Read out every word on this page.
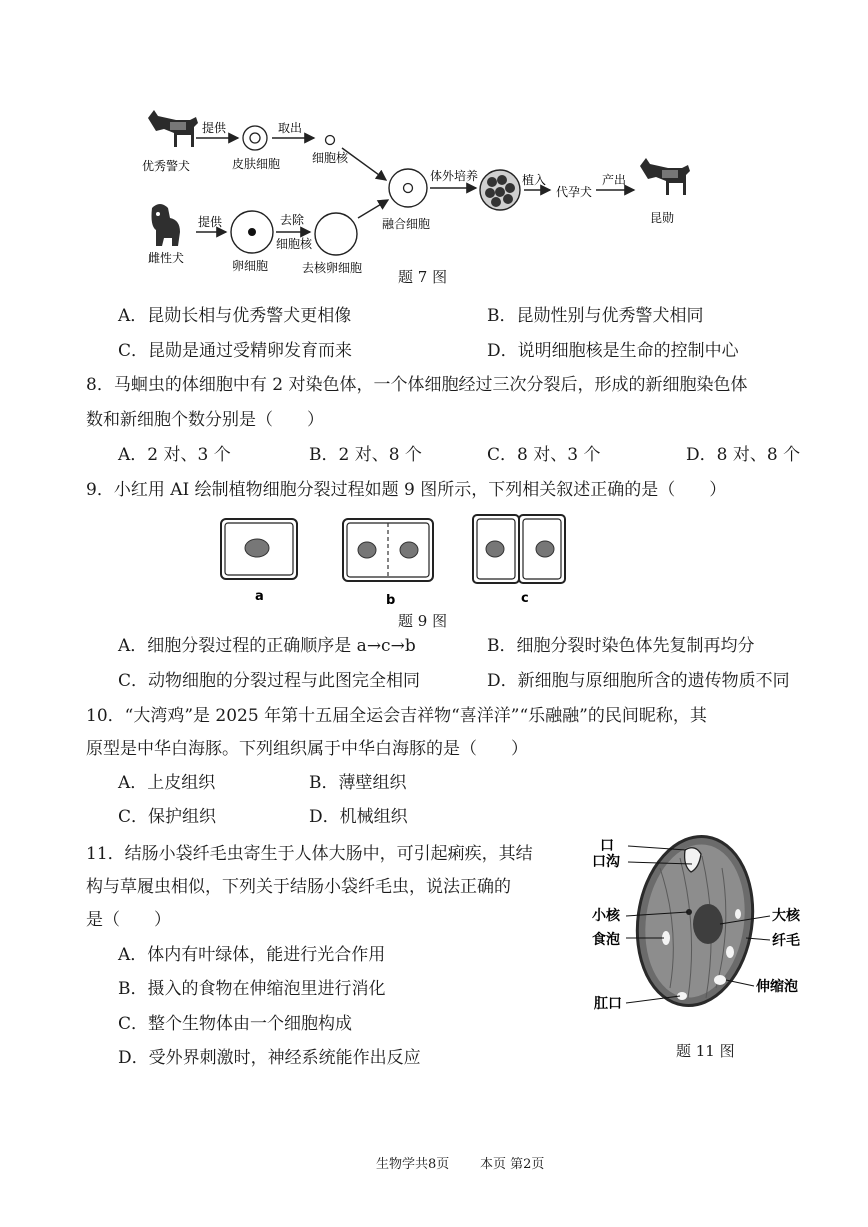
优秀警犬
提供
皮肤细胞
取出
细胞核
雌性犬
提供
卵细胞
去除
细胞核
去核卵细胞
融合细胞
体外培养	植入
代孕犬
产出
昆勋
题 7 图
A．昆勋长相与优秀警犬更相像	B．昆勋性别与优秀警犬相同
C．昆勋是通过受精卵发育而来	D．说明细胞核是生命的控制中心
8．马蛔虫的体细胞中有 2 对染色体，一个体细胞经过三次分裂后，形成的新细胞染色体
数和新细胞个数分别是（　　）
A．2 对、3 个	B．2 对、8 个	C．8 对、3 个	D．8 对、8 个
9．小红用 AI 绘制植物细胞分裂过程如题 9 图所示，下列相关叙述正确的是（　　）
a	b	c
题 9 图
A．细胞分裂过程的正确顺序是 a→c→b	B．细胞分裂时染色体先复制再均分
C．动物细胞的分裂过程与此图完全相同	D．新细胞与原细胞所含的遗传物质不同
10．“大湾鸡”是 2025 年第十五届全运会吉祥物“喜洋洋”“乐融融”的民间昵称，其
原型是中华白海豚。下列组织属于中华白海豚的是（　　）
A．上皮组织	B．薄壁组织
C．保护组织	D．机械组织
11．结肠小袋纤毛虫寄生于人体大肠中，可引起痢疾，其结
构与草履虫相似，下列关于结肠小袋纤毛虫，说法正确的
是（　　）
A．体内有叶绿体，能进行光合作用
B．摄入的食物在伸缩泡里进行消化
C．整个生物体由一个细胞构成
D．受外界刺激时，神经系统能作出反应
口
口沟
小核
食泡
肛口
大核
纤毛
伸缩泡
题 11 图
生物学共8页 本页 第2页
